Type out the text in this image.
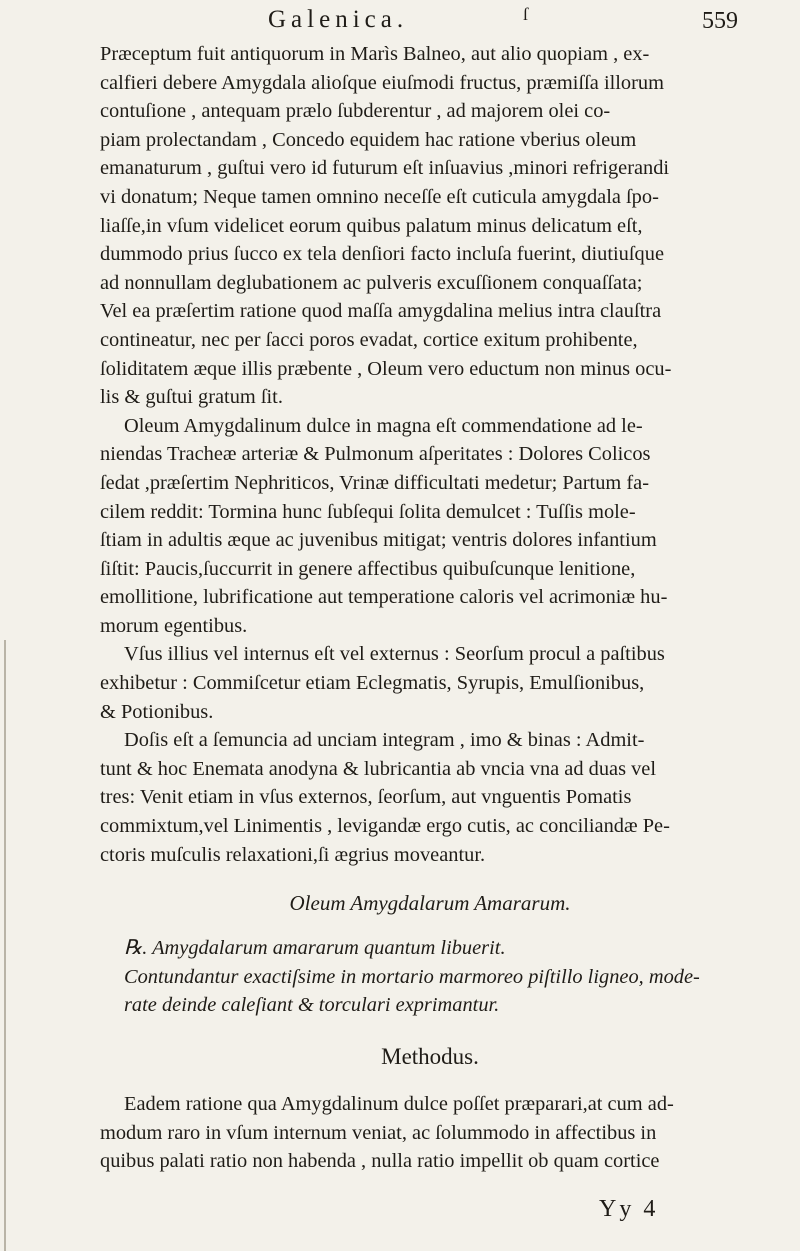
Galenica.	ſ	559

Præceptum fuit antiquorum in Marìs Balneo, aut alio quopiam , ex-
calfieri debere Amygdala alioſque eiuſmodi fructus, præmiſſa illorum
contuſione , antequam prælo ſubderentur , ad majorem olei co-
piam prolectandam , Concedo equidem hac ratione vberius oleum
emanaturum , guſtui vero id futurum eſt inſuavius ,minori refrigerandi
vi donatum; Neque tamen omnino neceſſe eſt cuticula amygdala ſpo-
liaſſe,in vſum videlicet eorum quibus palatum minus delicatum eſt,
dummodo prius ſucco ex tela denſiori facto incluſa fuerint, diutiuſque
ad nonnullam deglubationem ac pulveris excuſſionem conquaſſata;
Vel ea præſertim ratione quod maſſa amygdalina melius intra clauſtra
contineatur, nec per ſacci poros evadat, cortice exitum prohibente,
ſoliditatem æque illis præbente , Oleum vero eductum non minus ocu-
lis & guſtui gratum ſit.

Oleum Amygdalinum dulce in magna eſt commendatione ad le-
niendas Tracheæ arteriæ & Pulmonum aſperitates : Dolores Colicos
ſedat ,præſertim Nephriticos, Vrinæ difficultati medetur; Partum fa-
cilem reddit: Tormina hunc ſubſequi ſolita demulcet : Tuſſis mole-
ſtiam in adultis æque ac juvenibus mitigat; ventris dolores infantium
ſiſtit: Paucis,ſuccurrit in genere affectibus quibuſcunque lenitione,
emollitione, lubrificatione aut temperatione caloris vel acrimoniæ hu-
morum egentibus.

Vſus illius vel internus eſt vel externus : Seorſum procul a paſtibus
exhibetur : Commiſcetur etiam Eclegmatis, Syrupis, Emulſionibus,
& Potionibus.

Doſis eſt a ſemuncia ad unciam integram , imo & binas : Admit-
tunt & hoc Enemata anodyna & lubricantia ab vncia vna ad duas vel
tres: Venit etiam in vſus externos, ſeorſum, aut vnguentis Pomatis
commixtum,vel Linimentis , levigandæ ergo cutis, ac conciliandæ Pe-
ctoris muſculis relaxationi,ſi ægrius moveantur.

Oleum Amygdalarum Amararum.

℞. Amygdalarum amararum quantum libuerit.
Contundantur exactiſsime in mortario marmoreo piſtillo ligneo, mode-
rate deinde caleſiant & torculari exprimantur.

Methodus.

Eadem ratione qua Amygdalinum dulce poſſet præparari,at cum ad-
modum raro in vſum internum veniat, ac ſolummodo in affectibus in
quibus palati ratio non habenda , nulla ratio impellit ob quam cortice

Yy 4
